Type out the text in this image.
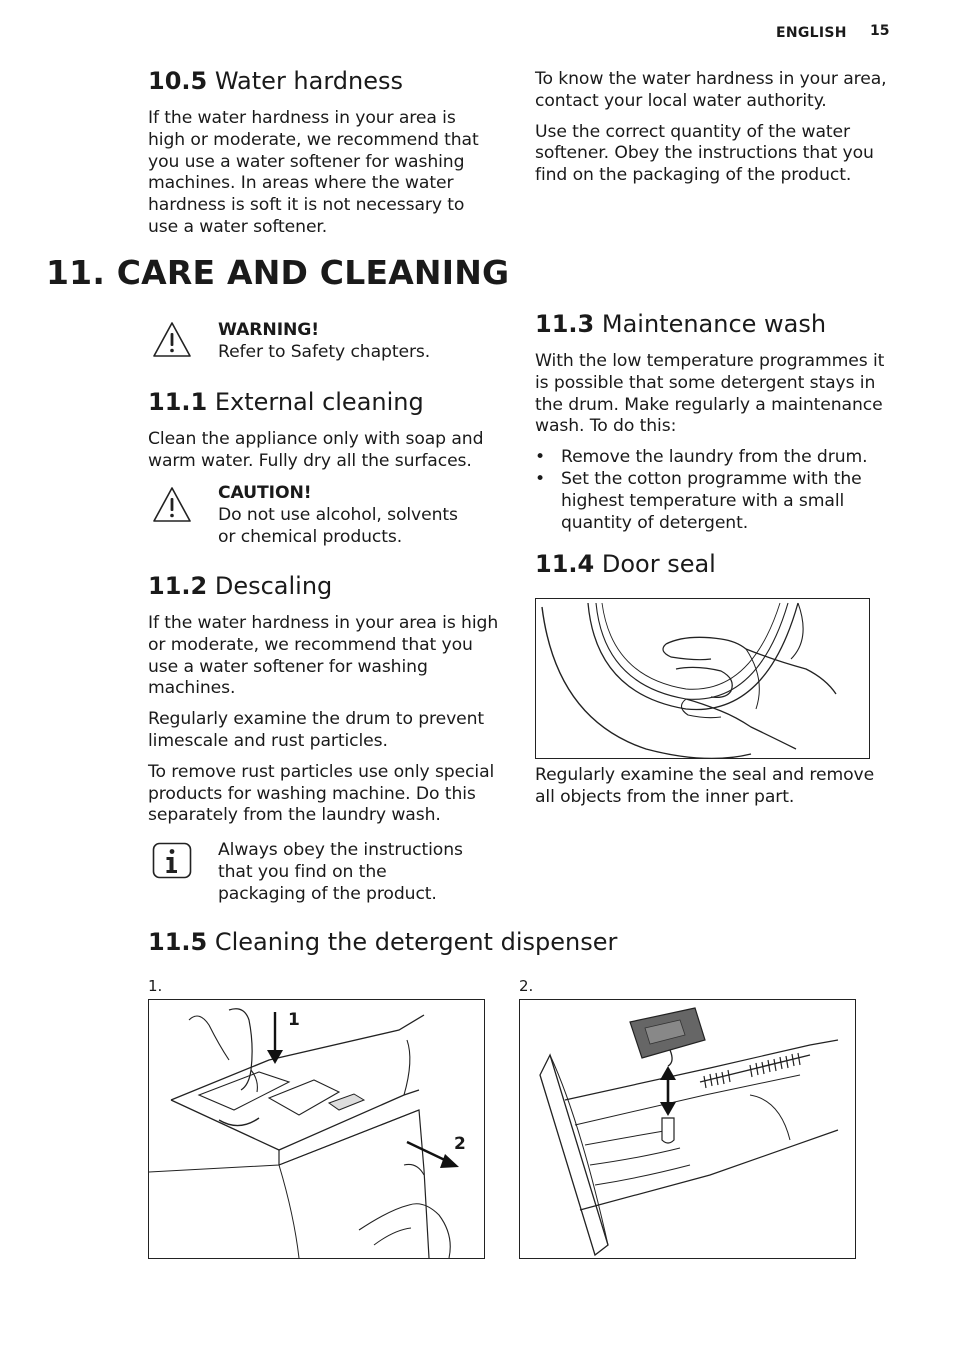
ENGLISH 15
10.5 Water hardness

If the water hardness in your area is high or moderate, we recommend that you use a water softener for washing machines. In areas where the water hardness is soft it is not necessary to use a water softener.

To know the water hardness in your area, contact your local water authority.

Use the correct quantity of the water softener. Obey the instructions that you find on the packaging of the product.

11. CARE AND CLEANING
WARNING!
Refer to Safety chapters.
11.1 External cleaning

Clean the appliance only with soap and warm water. Fully dry all the surfaces.

CAUTION!
Do not use alcohol, solvents
or chemical products.
11.2 Descaling

If the water hardness in your area is high or moderate, we recommend that you use a water softener for washing machines.

Regularly examine the drum to prevent limescale and rust particles.

To remove rust particles use only special products for washing machine. Do this separately from the laundry wash.

Always obey the instructions
that you find on the
packaging of the product.
11.3 Maintenance wash

With the low temperature programmes it is possible that some detergent stays in the drum. Make regularly a maintenance wash. To do this:

• Remove the laundry from the drum.
• Set the cotton programme with the highest temperature with a small quantity of detergent.
11.4 Door seal
Regularly examine the seal and remove all objects from the inner part.
11.5 Cleaning the detergent dispenser
1.	2.
1
2
